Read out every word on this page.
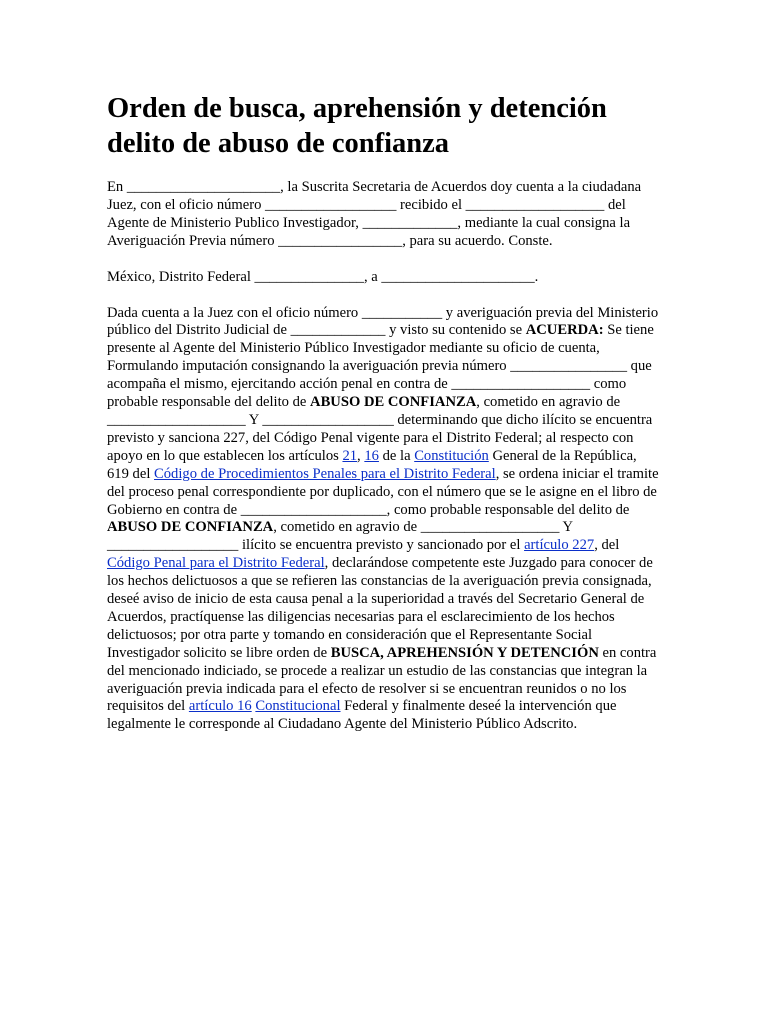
Orden de busca, aprehensión y detención delito de abuso de confianza

En _____________________, la Suscrita Secretaria de Acuerdos doy cuenta a la ciudadana Juez, con el oficio número __________________ recibido el ___________________ del Agente de Ministerio Publico Investigador, _____________, mediante la cual consigna la Averiguación Previa número _________________, para su acuerdo. Conste.

México, Distrito Federal _______________, a _____________________.

Dada cuenta a la Juez con el oficio número ___________ y averiguación previa del Ministerio público del Distrito Judicial de _____________ y visto su contenido se ACUERDA: Se tiene presente al Agente del Ministerio Público Investigador mediante su oficio de cuenta, Formulando imputación consignando la averiguación previa número ________________ que acompaña el mismo, ejercitando acción penal en contra de ___________________ como probable responsable del delito de ABUSO DE CONFIANZA, cometido en agravio de ___________________ Y __________________ determinando que dicho ilícito se encuentra previsto y sanciona 227, del Código Penal vigente para el Distrito Federal; al respecto con apoyo en lo que establecen los artículos 21, 16 de la Constitución General de la República, 619 del Código de Procedimientos Penales para el Distrito Federal, se ordena iniciar el tramite del proceso penal correspondiente por duplicado, con el número que se le asigne en el libro de Gobierno en contra de ____________________, como probable responsable del delito de ABUSO DE CONFIANZA, cometido en agravio de ___________________ Y __________________ ilícito se encuentra previsto y sancionado por el artículo 227, del Código Penal para el Distrito Federal, declarándose competente este Juzgado para conocer de los hechos delictuosos a que se refieren las constancias de la averiguación previa consignada, deseé aviso de inicio de esta causa penal a la superioridad a través del Secretario General de Acuerdos, practíquense las diligencias necesarias para el esclarecimiento de los hechos delictuosos; por otra parte y tomando en consideración que el Representante Social Investigador solicito se libre orden de BUSCA, APREHENSIÓN Y DETENCIÓN en contra del mencionado indiciado, se procede a realizar un estudio de las constancias que integran la averiguación previa indicada para el efecto de resolver si se encuentran reunidos o no los requisitos del artículo 16 Constitucional Federal y finalmente deseé la intervención que legalmente le corresponde al Ciudadano Agente del Ministerio Público Adscrito.
